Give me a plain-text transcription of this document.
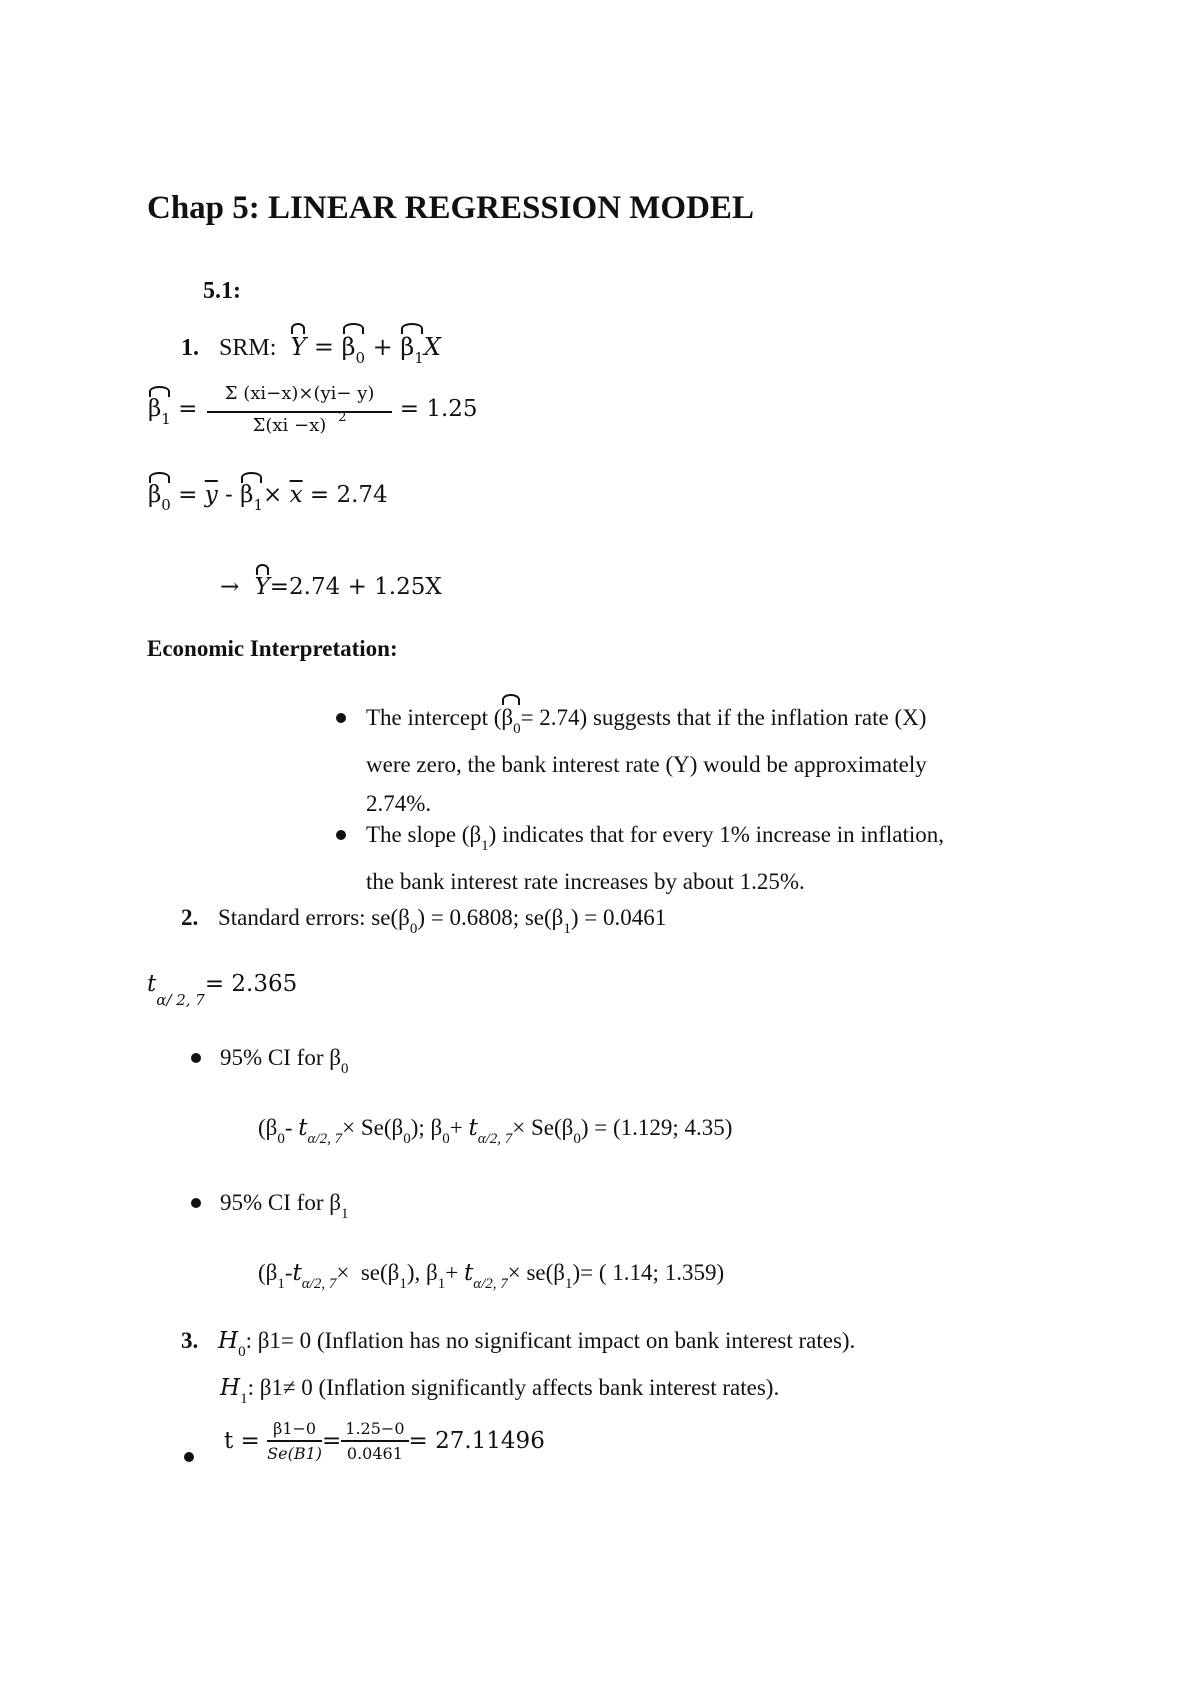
Chap 5: LINEAR REGRESSION MODEL
5.1:
1. SRM: $Y = \beta_0 + \beta_1X$
$\beta_1 = \frac{\Sigma (xi-x)\times(yi- y)}{\Sigma(xi -x) ^2} = 1.25$
$\beta_0 = \overline{y} - \beta_1\times \overline{x} = 2.74$
→ Y=2.74 + 1.25X
Economic Interpretation:
The intercept $(\beta_0= 2.74)$ suggests that if the inflation rate (X)
were zero, the bank interest rate (Y) would be approximately
2.74%.
The slope $(\beta_1)$ indicates that for every 1% increase in inflation,
the bank interest rate increases by about 1.25%.
2. Standard errors: $se(\beta_0) = 0.6808$; $se(\beta_1) = 0.0461$
$t_{\alpha/ 2, 7}= 2.365$
95% CI for $\beta_0$
($\beta_0-$ $t_{\alpha/2, 7}\times Se(\beta_0)$; $\beta_0+ t_{\alpha/2, 7}\times Se(\beta_0) = (1.129$; 4.35)
95% CI for $\beta_1$
($\beta_1-t_{\alpha/2, 7}\times se(\beta_1)$, $\beta_1+ t_{\alpha/2, 7}\times se(\beta_1)=$ ( 1.14; 1.359)
3. $H_0$: β1= 0 (Inflation has no significant impact on bank interest rates).
$H_1$: β1≠ 0 (Inflation significantly affects bank interest rates).
$t = \frac{\beta 1-0}{Se(B1)} = \frac{1.25-0}{0.0461} = 27.11496$
